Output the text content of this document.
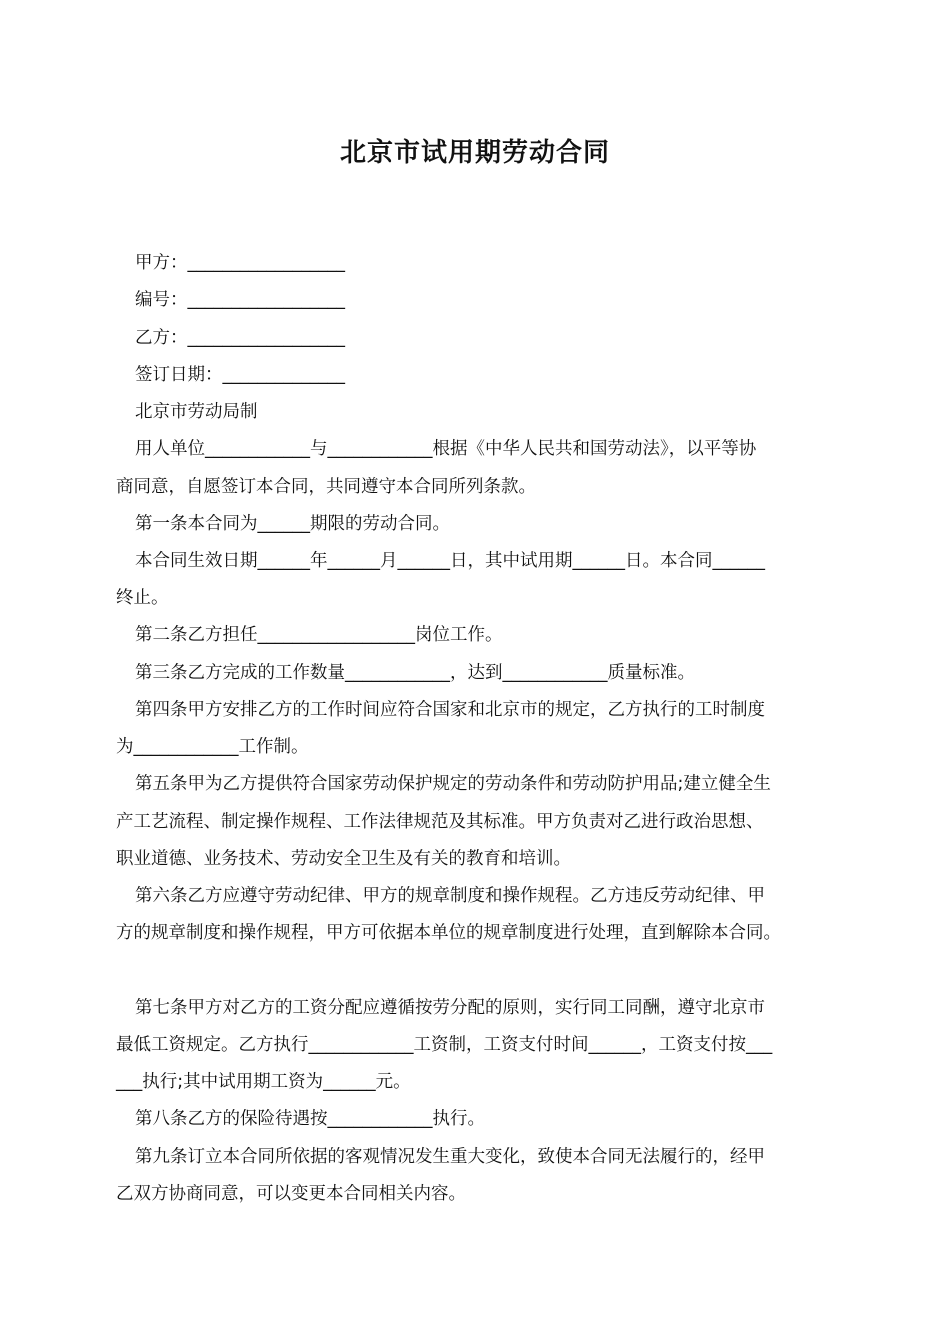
北京市试用期劳动合同

甲方：__________________

编号：__________________

乙方：__________________

签订日期：______________

北京市劳动局制

用人单位____________与____________根据《中华人民共和国劳动法》，以平等协

商同意，自愿签订本合同，共同遵守本合同所列条款。

第一条本合同为______期限的劳动合同。

本合同生效日期______年______月______日，其中试用期______日。本合同______

终止。

第二条乙方担任__________________岗位工作。

第三条乙方完成的工作数量____________，达到____________质量标准。

第四条甲方安排乙方的工作时间应符合国家和北京市的规定，乙方执行的工时制度

为____________工作制。

第五条甲为乙方提供符合国家劳动保护规定的劳动条件和劳动防护用品;建立健全生

产工艺流程、制定操作规程、工作法律规范及其标准。甲方负责对乙进行政治思想、

职业道德、业务技术、劳动安全卫生及有关的教育和培训。

第六条乙方应遵守劳动纪律、甲方的规章制度和操作规程。乙方违反劳动纪律、甲

方的规章制度和操作规程，甲方可依据本单位的规章制度进行处理，直到解除本合同。

第七条甲方对乙方的工资分配应遵循按劳分配的原则，实行同工同酬，遵守北京市

最低工资规定。乙方执行____________工资制，工资支付时间______，工资支付按___

___执行;其中试用期工资为______元。

第八条乙方的保险待遇按____________执行。

第九条订立本合同所依据的客观情况发生重大变化，致使本合同无法履行的，经甲

乙双方协商同意，可以变更本合同相关内容。
